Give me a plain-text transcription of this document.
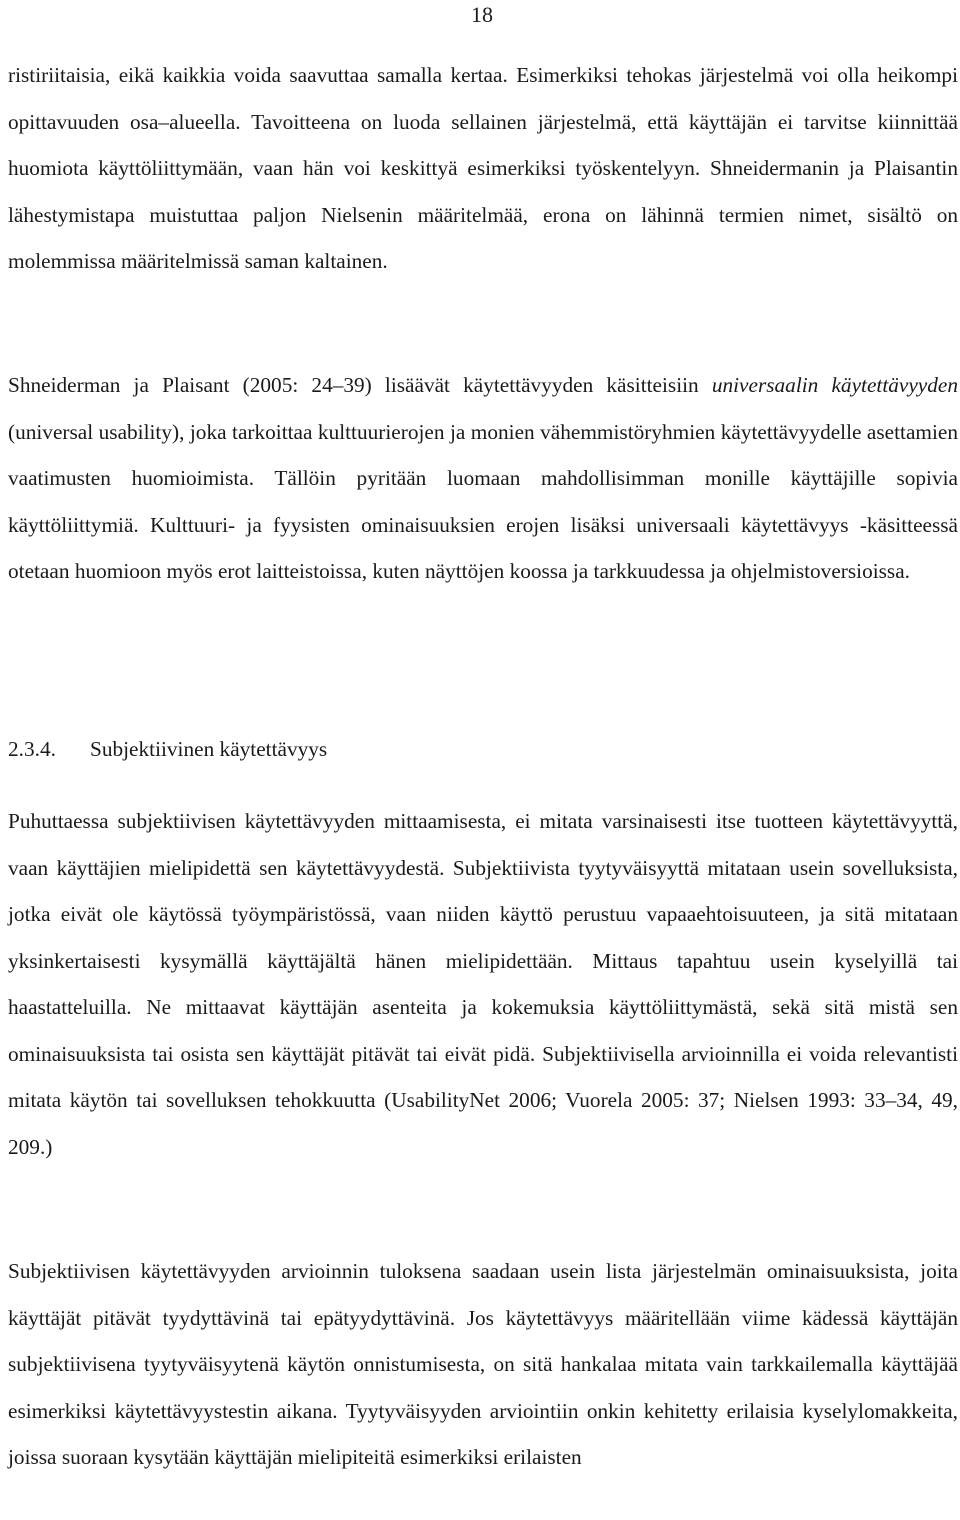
18

ristiriitaisia, eikä kaikkia voida saavuttaa samalla kertaa. Esimerkiksi tehokas järjestelmä voi olla heikompi opittavuuden osa–alueella. Tavoitteena on luoda sellainen järjestelmä, että käyttäjän ei tarvitse kiinnittää huomiota käyttöliittymään, vaan hän voi keskittyä esimerkiksi työskentelyyn. Shneidermanin ja Plaisantin lähestymistapa muistuttaa paljon Nielsenin määritelmää, erona on lähinnä termien nimet, sisältö on molemmissa määritelmissä saman kaltainen.

Shneiderman ja Plaisant (2005: 24–39) lisäävät käytettävyyden käsitteisiin universaalin käytettävyyden (universal usability), joka tarkoittaa kulttuurierojen ja monien vähemmistöryhmien käytettävyydelle asettamien vaatimusten huomioimista. Tällöin pyritään luomaan mahdollisimman monille käyttäjille sopivia käyttöliittymiä. Kulttuuri- ja fyysisten ominaisuuksien erojen lisäksi universaali käytettävyys -käsitteessä otetaan huomioon myös erot laitteistoissa, kuten näyttöjen koossa ja tarkkuudessa ja ohjelmistoversioissa.

2.3.4. Subjektiivinen käytettävyys

Puhuttaessa subjektiivisen käytettävyyden mittaamisesta, ei mitata varsinaisesti itse tuotteen käytettävyyttä, vaan käyttäjien mielipidettä sen käytettävyydestä. Subjektiivista tyytyväisyyttä mitataan usein sovelluksista, jotka eivät ole käytössä työympäristössä, vaan niiden käyttö perustuu vapaaehtoisuuteen, ja sitä mitataan yksinkertaisesti kysymällä käyttäjältä hänen mielipidettään. Mittaus tapahtuu usein kyselyillä tai haastatteluilla. Ne mittaavat käyttäjän asenteita ja kokemuksia käyttöliittymästä, sekä sitä mistä sen ominaisuuksista tai osista sen käyttäjät pitävät tai eivät pidä. Subjektiivisella arvioinnilla ei voida relevantisti mitata käytön tai sovelluksen tehokkuutta (UsabilityNet 2006; Vuorela 2005: 37; Nielsen 1993: 33–34, 49, 209.)

Subjektiivisen käytettävyyden arvioinnin tuloksena saadaan usein lista järjestelmän ominaisuuksista, joita käyttäjät pitävät tyydyttävinä tai epätyydyttävinä. Jos käytettävyys määritellään viime kädessä käyttäjän subjektiivisena tyytyväisyytenä käytön onnistumisesta, on sitä hankalaa mitata vain tarkkailemalla käyttäjää esimerkiksi käytettävyystestin aikana. Tyytyväisyyden arviointiin onkin kehitetty erilaisia kyselylomakkeita, joissa suoraan kysytään käyttäjän mielipiteitä esimerkiksi erilaisten
